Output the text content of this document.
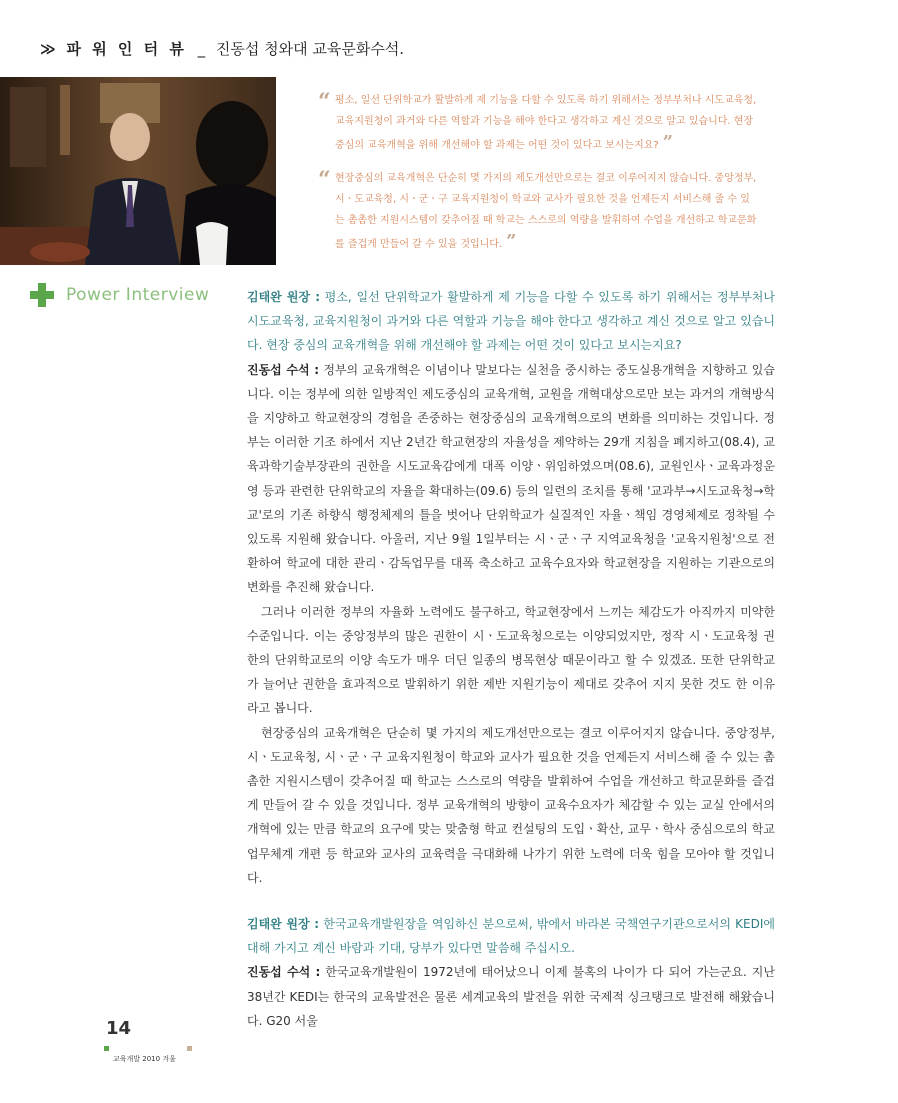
≫ 파 워 인 터 뷰 _ 진동섭 청와대 교육문화수석.
“ 평소, 일선 단위학교가 활발하게 제 기능을 다할 수 있도록 하기 위해서는 정부부처나 시도교육청, 교육지원청이 과거와 다른 역할과 기능을 해야 한다고 생각하고 계신 것으로 알고 있습니다. 현장 중심의 교육개혁을 위해 개선해야 할 과제는 어떤 것이 있다고 보시는지요? ”
“ 현장중심의 교육개혁은 단순히 몇 가지의 제도개선만으로는 결코 이루어지지 않습니다. 중앙정부, 시ㆍ도교육청, 시ㆍ군ㆍ구 교육지원청이 학교와 교사가 필요한 것을 언제든지 서비스해 줄 수 있는 촘촘한 지원시스템이 갖추어질 때 학교는 스스로의 역량을 발휘하여 수업을 개선하고 학교문화를 즐겁게 만들어 갈 수 있을 것입니다. ”
Power Interview	김태완 원장 : 평소, 일선 단위학교가 활발하게 제 기능을 다할 수 있도록 하기 위해서는 정부부처나 시도교육청, 교육지원청이 과거와 다른 역할과 기능을 해야 한다고 생각하고 계신 것으로 알고 있습니다. 현장 중심의 교육개혁을 위해 개선해야 할 과제는 어떤 것이 있다고 보시는지요?

진동섭 수석 : 정부의 교육개혁은 이념이나 말보다는 실천을 중시하는 중도실용개혁을 지향하고 있습니다. 이는 정부에 의한 일방적인 제도중심의 교육개혁, 교원을 개혁대상으로만 보는 과거의 개혁방식을 지양하고 학교현장의 경험을 존중하는 현장중심의 교육개혁으로의 변화를 의미하는 것입니다. 정부는 이러한 기조 하에서 지난 2년간 학교현장의 자율성을 제약하는 29개 지침을 폐지하고(08.4), 교육과학기술부장관의 권한을 시도교육감에게 대폭 이양ㆍ위임하였으며(08.6), 교원인사ㆍ교육과정운영 등과 관련한 단위학교의 자율을 확대하는(09.6) 등의 일련의 조치를 통해 '교과부→시도교육청→학교'로의 기존 하향식 행정체제의 틀을 벗어나 단위학교가 실질적인 자율ㆍ책임 경영체제로 정착될 수 있도록 지원해 왔습니다. 아울러, 지난 9월 1일부터는 시ㆍ군ㆍ구 지역교육청을 '교육지원청'으로 전환하여 학교에 대한 관리ㆍ감독업무를 대폭 축소하고 교육수요자와 학교현장을 지원하는 기관으로의 변화를 추진해 왔습니다.

그러나 이러한 정부의 자율화 노력에도 불구하고, 학교현장에서 느끼는 체감도가 아직까지 미약한 수준입니다. 이는 중앙정부의 많은 권한이 시ㆍ도교육청으로는 이양되었지만, 정작 시ㆍ도교육청 권한의 단위학교로의 이양 속도가 매우 더딘 일종의 병목현상 때문이라고 할 수 있겠죠. 또한 단위학교가 늘어난 권한을 효과적으로 발휘하기 위한 제반 지원기능이 제대로 갖추어 지지 못한 것도 한 이유라고 봅니다.

현장중심의 교육개혁은 단순히 몇 가지의 제도개선만으로는 결코 이루어지지 않습니다. 중앙정부, 시ㆍ도교육청, 시ㆍ군ㆍ구 교육지원청이 학교와 교사가 필요한 것을 언제든지 서비스해 줄 수 있는 촘촘한 지원시스템이 갖추어질 때 학교는 스스로의 역량을 발휘하여 수업을 개선하고 학교문화를 즐겁게 만들어 갈 수 있을 것입니다. 정부 교육개혁의 방향이 교육수요자가 체감할 수 있는 교실 안에서의 개혁에 있는 만큼 학교의 요구에 맞는 맞춤형 학교 컨설팅의 도입ㆍ확산, 교무ㆍ학사 중심으로의 학교업무체계 개편 등 학교와 교사의 교육력을 극대화해 나가기 위한 노력에 더욱 힘을 모아야 할 것입니다.

김태완 원장 : 한국교육개발원장을 역임하신 분으로써, 밖에서 바라본 국책연구기관으로서의 KEDI에 대해 가지고 계신 바람과 기대, 당부가 있다면 말씀해 주십시오.

진동섭 수석 : 한국교육개발원이 1972년에 태어났으니 이제 불혹의 나이가 다 되어 가는군요. 지난 38년간 KEDI는 한국의 교육발전은 물론 세계교육의 발전을 위한 국제적 싱크탱크로 발전해 해왔습니다. G20 서울

14
교육개발 2010 겨울
